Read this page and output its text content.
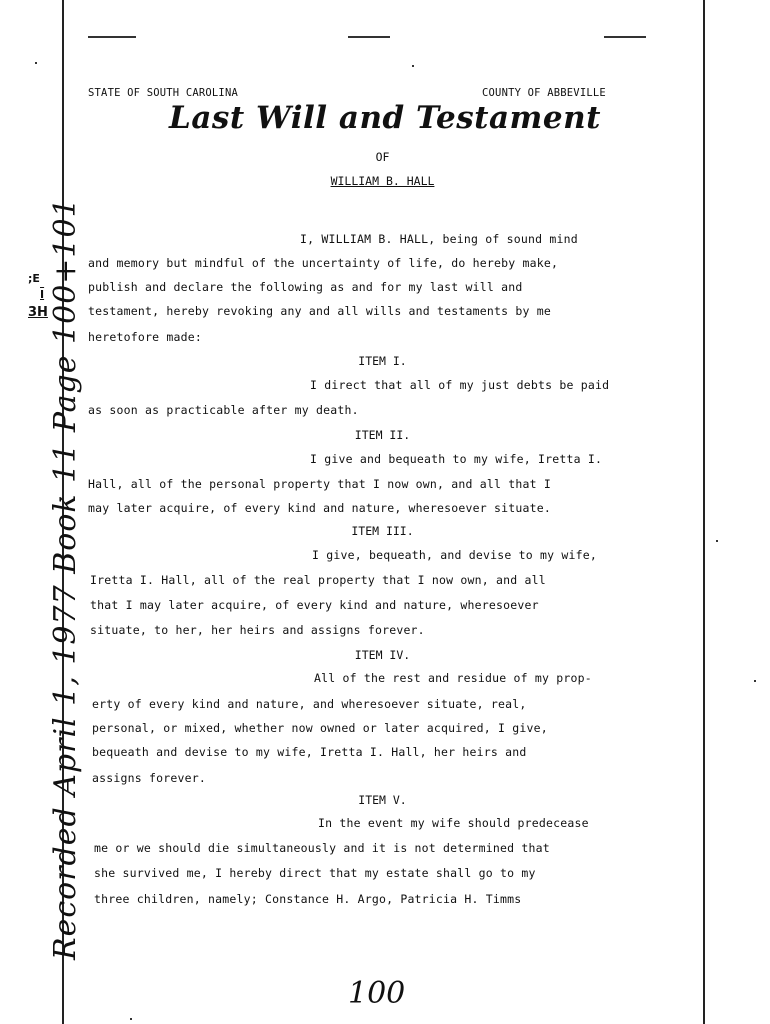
STATE OF SOUTH CAROLINA	COUNTY OF ABBEVILLE
Last Will and Testament
OF
WILLIAM B. HALL
I, WILLIAM B. HALL, being of sound mind
and memory but mindful of the uncertainty of life, do hereby make,
publish and declare the following as and for my last will and
testament, hereby revoking any and all wills and testaments by me
heretofore made:
ITEM I.
I direct that all of my just debts be paid
as soon as practicable after my death.
ITEM II.
I give and bequeath to my wife, Iretta I.
Hall, all of the personal property that I now own, and all that I
may later acquire, of every kind and nature, wheresoever situate.
ITEM III.
I give, bequeath, and devise to my wife,
Iretta I. Hall, all of the real property that I now own, and all
that I may later acquire, of every kind and nature, wheresoever
situate, to her, her heirs and assigns forever.
ITEM IV.
All of the rest and residue of my prop-
erty of every kind and nature, and wheresoever situate, real,
personal, or mixed, whether now owned or later acquired, I give,
bequeath and devise to my wife, Iretta I. Hall, her heirs and
assigns forever.
ITEM V.
In the event my wife should predecease
me or we should die simultaneously and it is not determined that
she survived me, I hereby direct that my estate shall go to my
three children, namely; Constance H. Argo, Patricia H. Timms
;E
I
3H Recorded April 1, 1977 Book 11 Page 100+101
100
